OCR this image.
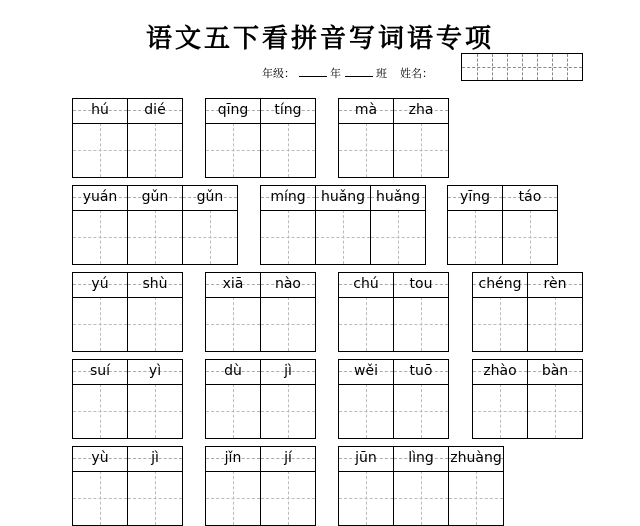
语文五下看拼音写词语专项
年级：	年	班 姓名：
hú	dié	qīng	tíng	mà	zha
yuán	gǔn	gǔn	míng	huǎng huǎng	yīng	táo
yú	shù	xiā	nào	chú	tou	chéng	rèn
suí	yì	dù	jì	wěi	tuō	zhào	bàn
yù	jì	jǐn	jí	jūn	lìng	zhuàng
